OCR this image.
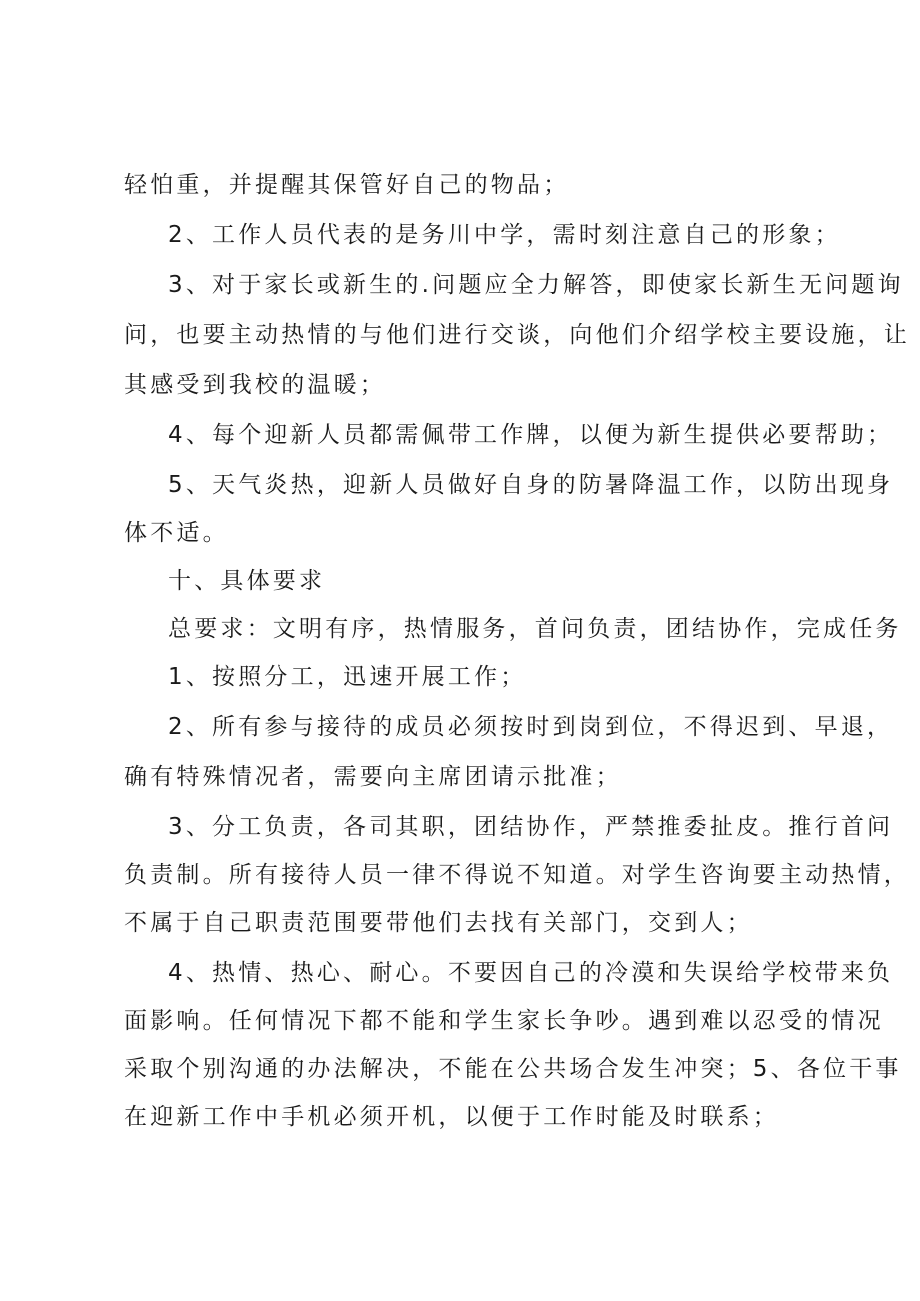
轻怕重，并提醒其保管好自己的物品；
2、工作人员代表的是务川中学，需时刻注意自己的形象；
3、对于家长或新生的.问题应全力解答，即使家长新生无问题询
问，也要主动热情的与他们进行交谈，向他们介绍学校主要设施，让
其感受到我校的温暖；
4、每个迎新人员都需佩带工作牌，以便为新生提供必要帮助；
5、天气炎热，迎新人员做好自身的防暑降温工作，以防出现身
体不适。
十、具体要求
总要求：文明有序，热情服务，首问负责，团结协作，完成任务
1、按照分工，迅速开展工作；
2、所有参与接待的成员必须按时到岗到位，不得迟到、早退，
确有特殊情况者，需要向主席团请示批准；
3、分工负责，各司其职，团结协作，严禁推委扯皮。推行首问
负责制。所有接待人员一律不得说不知道。对学生咨询要主动热情，
不属于自己职责范围要带他们去找有关部门，交到人；
4、热情、热心、耐心。不要因自己的冷漠和失误给学校带来负
面影响。任何情况下都不能和学生家长争吵。遇到难以忍受的情况
采取个别沟通的办法解决，不能在公共场合发生冲突；5、各位干事
在迎新工作中手机必须开机，以便于工作时能及时联系；
